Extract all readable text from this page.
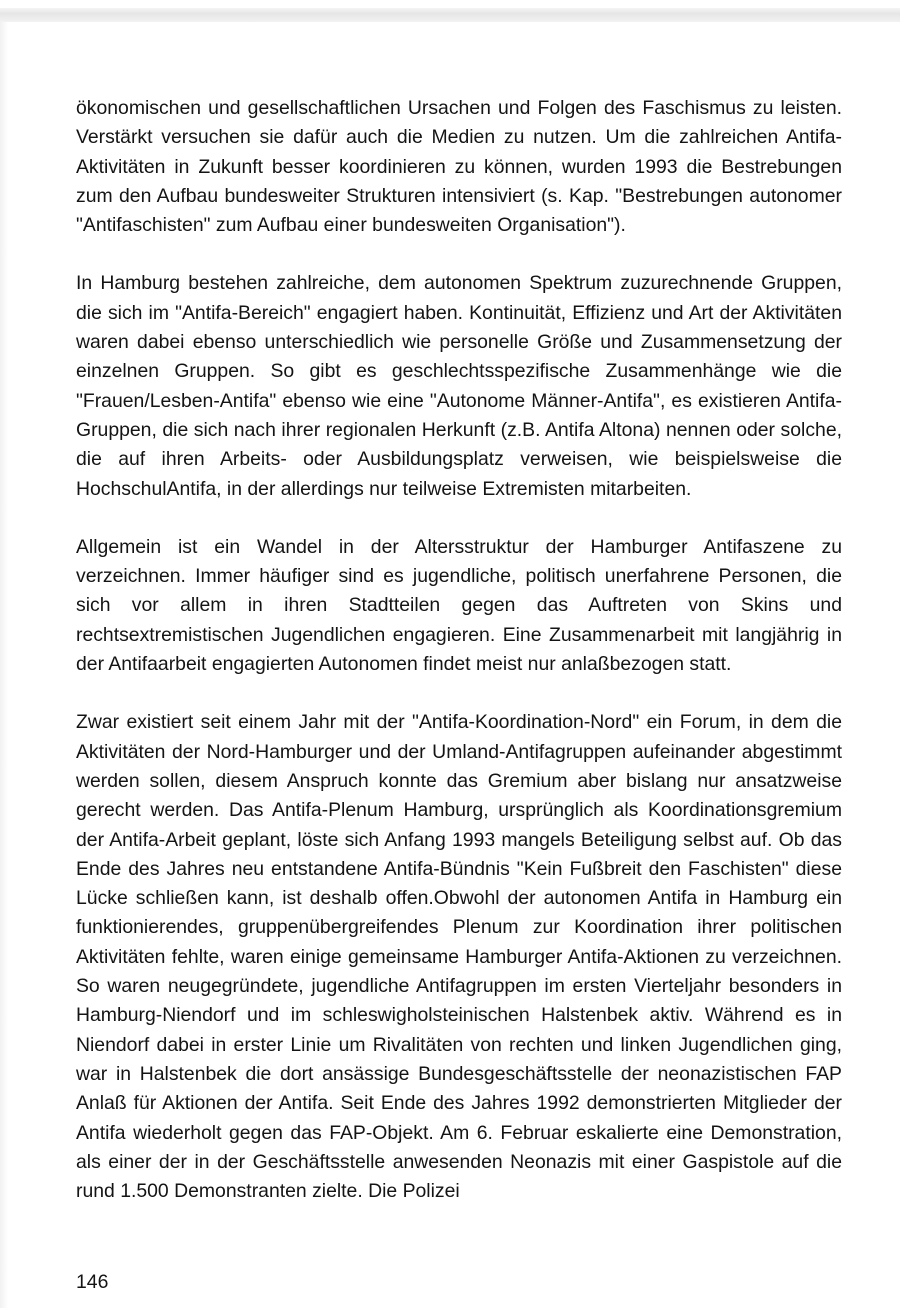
ökonomischen und gesellschaftlichen Ursachen und Folgen des Faschismus zu leisten. Verstärkt versuchen sie dafür auch die Medien zu nutzen. Um die zahlreichen Antifa-Aktivitäten in Zukunft besser koordinieren zu können, wurden 1993 die Bestrebungen zum den Aufbau bundesweiter Strukturen intensiviert (s. Kap. "Bestrebungen autonomer "Antifaschisten" zum Aufbau einer bundesweiten Organisation").

In Hamburg bestehen zahlreiche, dem autonomen Spektrum zuzurechnende Gruppen, die sich im "Antifa-Bereich" engagiert haben. Kontinuität, Effizienz und Art der Aktivitäten waren dabei ebenso unterschiedlich wie personelle Größe und Zusammensetzung der einzelnen Gruppen. So gibt es geschlechtsspezifische Zusammenhänge wie die "Frauen/Lesben-Antifa" ebenso wie eine "Autonome Männer-Antifa", es existieren Antifa-Gruppen, die sich nach ihrer regionalen Herkunft (z.B. Antifa Altona) nennen oder solche, die auf ihren Arbeits- oder Ausbildungsplatz verweisen, wie beispielsweise die HochschulAntifa, in der allerdings nur teilweise Extremisten mitarbeiten.

Allgemein ist ein Wandel in der Altersstruktur der Hamburger Antifaszene zu verzeichnen. Immer häufiger sind es jugendliche, politisch unerfahrene Personen, die sich vor allem in ihren Stadtteilen gegen das Auftreten von Skins und rechtsextremistischen Jugendlichen engagieren. Eine Zusammenarbeit mit langjährig in der Antifaarbeit engagierten Autonomen findet meist nur anlaßbezogen statt.

Zwar existiert seit einem Jahr mit der "Antifa-Koordination-Nord" ein Forum, in dem die Aktivitäten der Nord-Hamburger und der Umland-Antifagruppen aufeinander abgestimmt werden sollen, diesem Anspruch konnte das Gremium aber bislang nur ansatzweise gerecht werden. Das Antifa-Plenum Hamburg, ursprünglich als Koordinationsgremium der Antifa-Arbeit geplant, löste sich Anfang 1993 mangels Beteiligung selbst auf. Ob das Ende des Jahres neu entstandene Antifa-Bündnis "Kein Fußbreit den Faschisten" diese Lücke schließen kann, ist deshalb offen.Obwohl der autonomen Antifa in Hamburg ein funktionierendes, gruppenübergreifendes Plenum zur Koordination ihrer politischen Aktivitäten fehlte, waren einige gemeinsame Hamburger Antifa-Aktionen zu verzeichnen. So waren neugegründete, jugendliche Antifagruppen im ersten Vierteljahr besonders in Hamburg-Niendorf und im schleswigholsteinischen Halstenbek aktiv. Während es in Niendorf dabei in erster Linie um Rivalitäten von rechten und linken Jugendlichen ging, war in Halstenbek die dort ansässige Bundesgeschäftsstelle der neonazistischen FAP Anlaß für Aktionen der Antifa. Seit Ende des Jahres 1992 demonstrierten Mitglieder der Antifa wiederholt gegen das FAP-Objekt. Am 6. Februar eskalierte eine Demonstration, als einer der in der Geschäftsstelle anwesenden Neonazis mit einer Gaspistole auf die rund 1.500 Demonstranten zielte. Die Polizei

146
